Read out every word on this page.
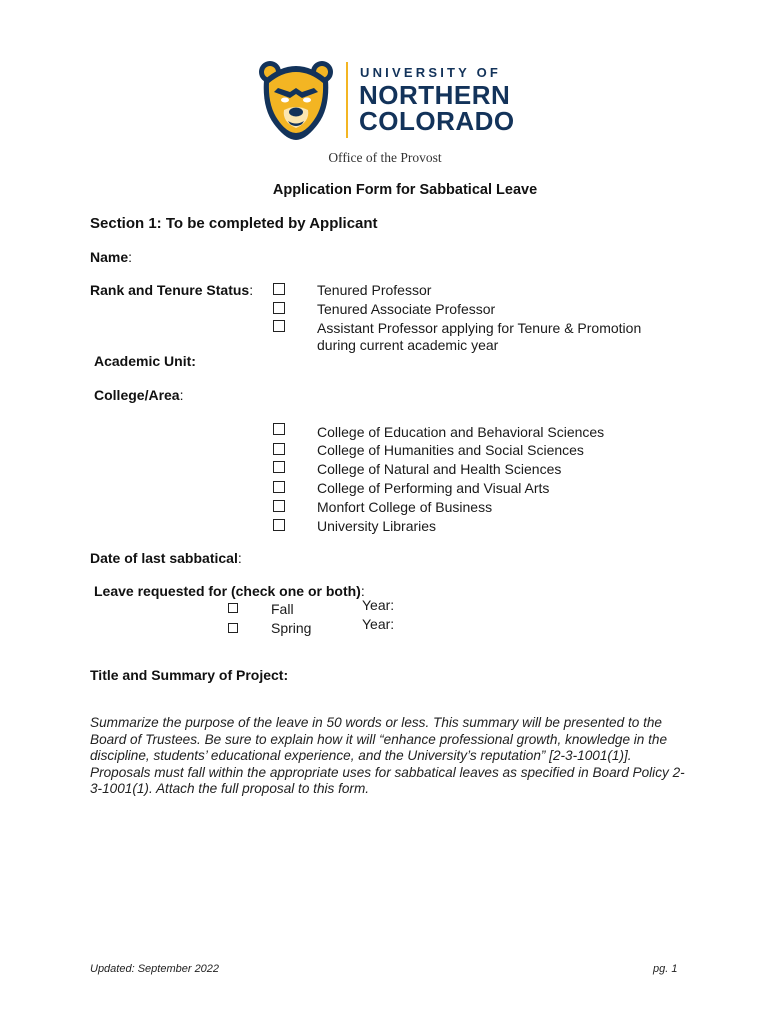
UNIVERSITY OF
NORTHERN
COLORADO
Office of the Provost
Application Form for Sabbatical Leave
Section 1: To be completed by Applicant
Name:
Rank and Tenure Status:	Tenured Professor
Tenured Associate Professor
Assistant Professor applying for Tenure & Promotion
during current academic year
Academic Unit:
College/Area:
College of Education and Behavioral Sciences
College of Humanities and Social Sciences
College of Natural and Health Sciences
College of Performing and Visual Arts
Monfort College of Business
University Libraries
Date of last sabbatical:
Leave requested for (check one or both):
Fall
Spring
Year:
Year:
Title and Summary of Project:
Summarize the purpose of the leave in 50 words or less. This summary will be presented to the Board of Trustees. Be sure to explain how it will “enhance professional growth, knowledge in the discipline, students’ educational experience, and the University’s reputation” [2-3-1001(1)]. Proposals must fall within the appropriate uses for sabbatical leaves as specified in Board Policy 2-3-1001(1). Attach the full proposal to this form.
Updated: September 2022	pg. 1
